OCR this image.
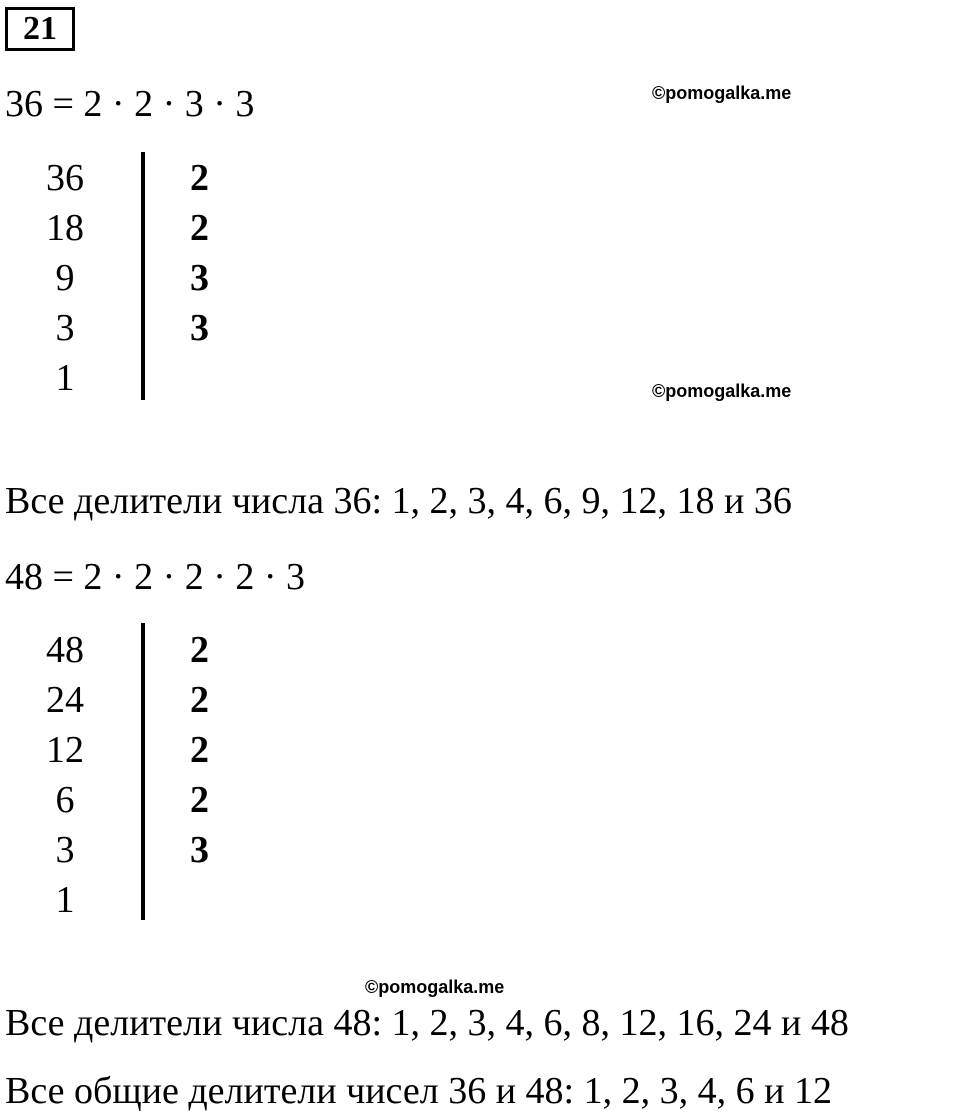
21
36 = 2 · 2 · 3 · 3	©pomogalka.me
36	2
18	2
9	3
3	3
1	©pomogalka.me
Все делители числа 36: 1, 2, 3, 4, 6, 9, 12, 18 и 36
48 = 2 · 2 · 2 · 2 · 3
48	2
24	2
12	2
6	2
3	3
1
©pomogalka.me
Все делители числа 48: 1, 2, 3, 4, 6, 8, 12, 16, 24 и 48
Все общие делители чисел 36 и 48: 1, 2, 3, 4, 6 и 12
